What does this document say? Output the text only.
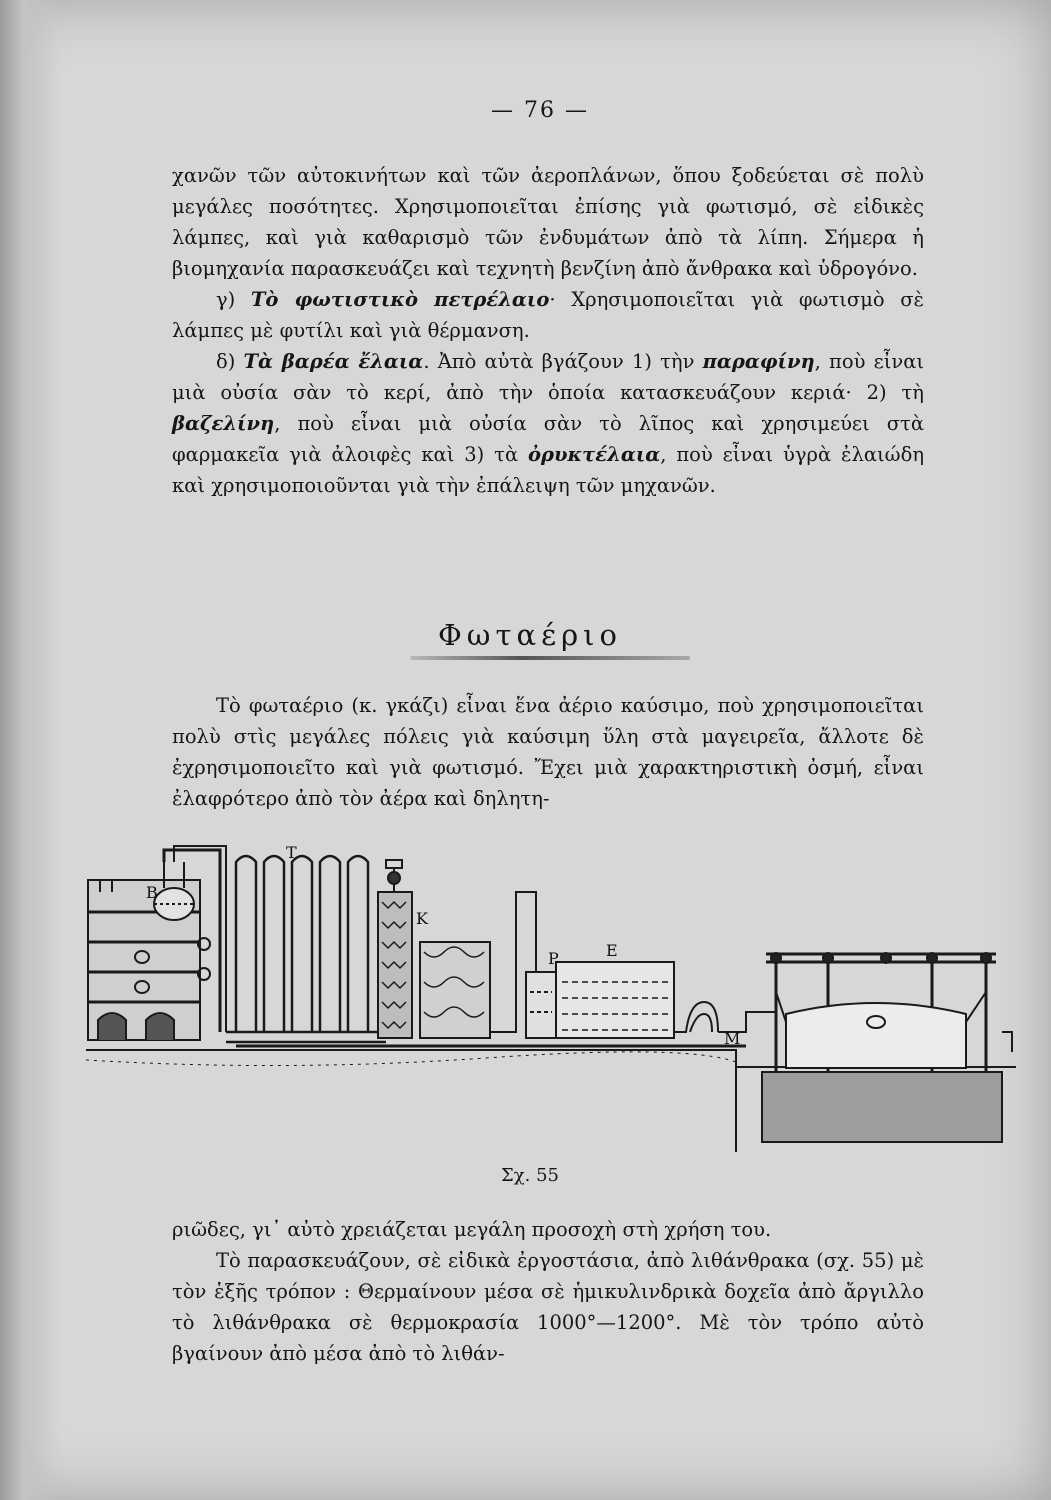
— 76 —

χανῶν τῶν αὐτοκινήτων καὶ τῶν ἀεροπλάνων, ὅπου ξοδεύεται σὲ πολὺ μεγάλες ποσότητες. Χρησιμοποιεῖται ἐπίσης γιὰ φωτισμό, σὲ εἰδικὲς λάμπες, καὶ γιὰ καθαρισμὸ τῶν ἐνδυμάτων ἀπὸ τὰ λίπη. Σήμερα ἡ βιομηχανία παρασκευάζει καὶ τεχνητὴ βενζίνη ἀπὸ ἄνθρακα καὶ ὑδρογόνο.

γ) Τὸ φωτιστικὸ πετρέλαιο· Χρησιμοποιεῖται γιὰ φωτισμὸ σὲ λάμπες μὲ φυτίλι καὶ γιὰ θέρμανση.

δ) Τὰ βαρέα ἔλαια. Ἀπὸ αὐτὰ βγάζουν 1) τὴν παραφίνη, ποὺ εἶναι μιὰ οὐσία σὰν τὸ κερί, ἀπὸ τὴν ὁποία κατασκευάζουν κεριά· 2) τὴ βαζελίνη, ποὺ εἶναι μιὰ οὐσία σὰν τὸ λῖπος καὶ χρησιμεύει στὰ φαρμακεῖα γιὰ ἀλοιφὲς καὶ 3) τὰ ὀρυκτέλαια, ποὺ εἶναι ὑγρὰ ἐλαιώδη καὶ χρησιμοποιοῦνται γιὰ τὴν ἐπάλειψη τῶν μηχανῶν.

Φωταέριο

Τὸ φωταέριο (κ. γκάζι) εἶναι ἕνα ἀέριο καύσιμο, ποὺ χρησιμοποιεῖται πολὺ στὶς μεγάλες πόλεις γιὰ καύσιμη ὕλη στὰ μαγειρεῖα, ἄλλοτε δὲ ἐχρησιμοποιεῖτο καὶ γιὰ φωτισμό. Ἔχει μιὰ χαρακτηριστικὴ ὀσμή, εἶναι ἐλαφρότερο ἀπὸ τὸν ἀέρα καὶ δηλητη-

B
T
K
P	E
M
Σχ. 55

ριῶδες, γι᾿ αὐτὸ χρειάζεται μεγάλη προσοχὴ στὴ χρήση του.

Τὸ παρασκευάζουν, σὲ εἰδικὰ ἐργοστάσια, ἀπὸ λιθάνθρακα (σχ. 55) μὲ τὸν ἑξῆς τρόπον : Θερμαίνουν μέσα σὲ ἡμικυλινδρικὰ δοχεῖα ἀπὸ ἄργιλλο τὸ λιθάνθρακα σὲ θερμοκρασία 1000°—1200°. Μὲ τὸν τρόπο αὐτὸ βγαίνουν ἀπὸ μέσα ἀπὸ τὸ λιθάν-
